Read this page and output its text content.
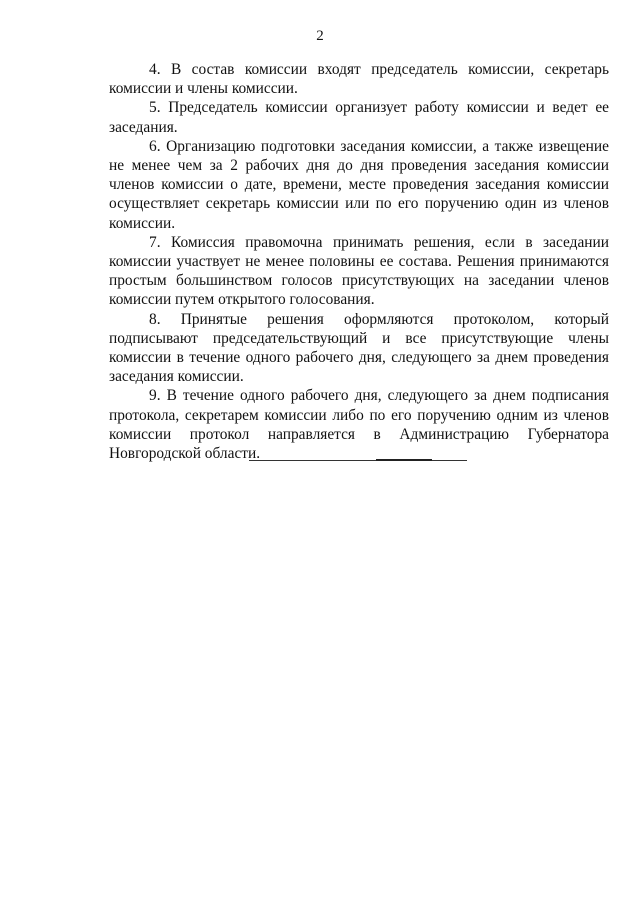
2

4. В состав комиссии входят председатель комиссии, секретарь комиссии и члены комиссии.

5. Председатель комиссии организует работу комиссии и ведет ее заседания.

6. Организацию подготовки заседания комиссии, а также извещение не менее чем за 2 рабочих дня до дня проведения заседания комиссии членов комиссии о дате, времени, месте проведения заседания комиссии осуществляет секретарь комиссии или по его поручению один из членов комиссии.

7. Комиссия правомочна принимать решения, если в заседании комиссии участвует не менее половины ее состава. Решения принимаются простым большинством голосов присутствующих на заседании членов комиссии путем открытого голосования.

8. Принятые решения оформляются протоколом, который подписывают председательствующий и все присутствующие члены комиссии в течение одного рабочего дня, следующего за днем проведения заседания комиссии.

9. В течение одного рабочего дня, следующего за днем подписания протокола, секретарем комиссии либо по его поручению одним из членов комиссии протокол направляется в Администрацию Губернатора Новгородской области.
